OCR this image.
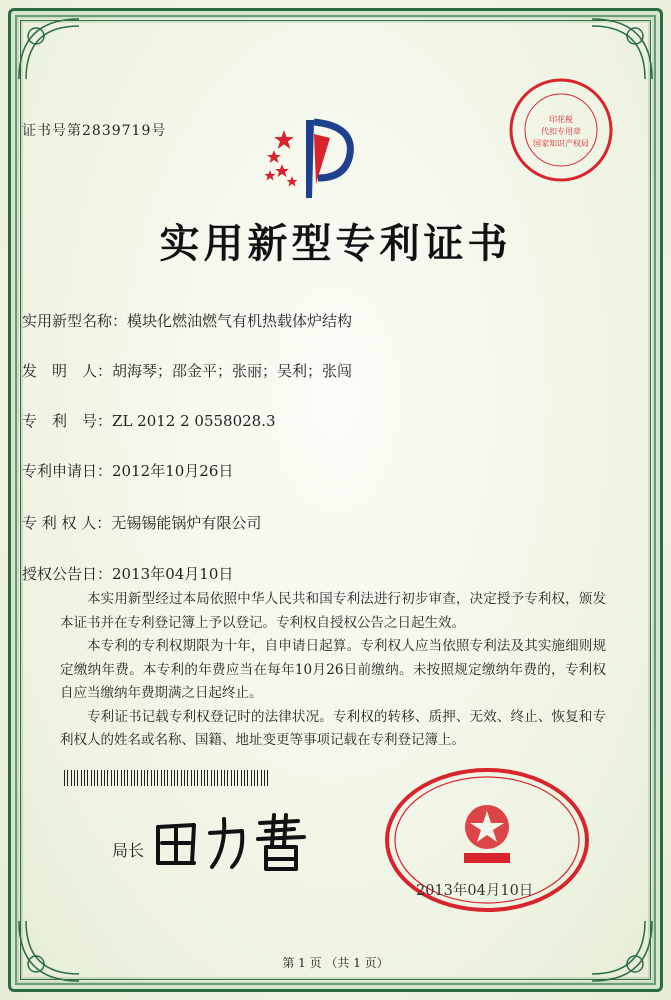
证书号第2839719号
实用新型专利证书
实用新型名称：模块化燃油燃气有机热载体炉结构
发　明　人：胡海琴；邵金平；张丽；吴利；张闯
专　利　号：ZL 2012 2 0558028.3
专利申请日：2012年10月26日
专 利 权 人：无锡锡能锅炉有限公司
授权公告日：2013年04月10日

本实用新型经过本局依照中华人民共和国专利法进行初步审查，决定授予专利权，颁发本证书并在专利登记簿上予以登记。专利权自授权公告之日起生效。

本专利的专利权期限为十年，自申请日起算。专利权人应当依照专利法及其实施细则规定缴纳年费。本专利的年费应当在每年10月26日前缴纳。未按照规定缴纳年费的，专利权自应当缴纳年费期满之日起终止。

专利证书记载专利权登记时的法律状况。专利权的转移、质押、无效、终止、恢复和专利权人的姓名或名称、国籍、地址变更等事项记载在专利登记簿上。

局长
印花税
代扣专用章
国家知识产权局
2013年04月10日
第 1 页 （共 1 页）
